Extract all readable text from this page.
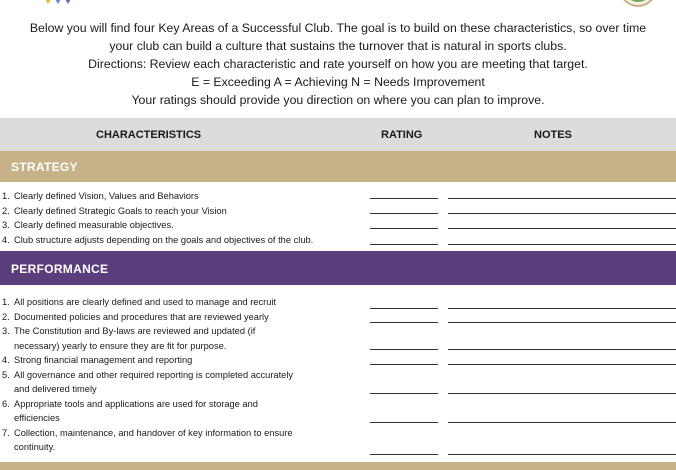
Below you will find four Key Areas of a Successful Club. The goal is to build on these characteristics, so over time
your club can build a culture that sustains the turnover that is natural in sports clubs.
Directions: Review each characteristic and rate yourself on how you are meeting that target.
E = Exceeding A = Achieving N = Needs Improvement
Your ratings should provide you direction on where you can plan to improve.
CHARACTERISTICS	RATING	NOTES
STRATEGY
1. Clearly defined Vision, Values and Behaviors
2. Clearly defined Strategic Goals to reach your Vision
3. Clearly defined measurable objectives.
4. Club structure adjusts depending on the goals and objectives of the club.
PERFORMANCE
1. All positions are clearly defined and used to manage and recruit
2. Documented policies and procedures that are reviewed yearly
3. The Constitution and By-laws are reviewed and updated (if
necessary) yearly to ensure they are fit for purpose.
4. Strong financial management and reporting
5. All governance and other required reporting is completed accurately
and delivered timely
6. Appropriate tools and applications are used for storage and
efficiencies
7. Collection, maintenance, and handover of key information to ensure
continuity.
